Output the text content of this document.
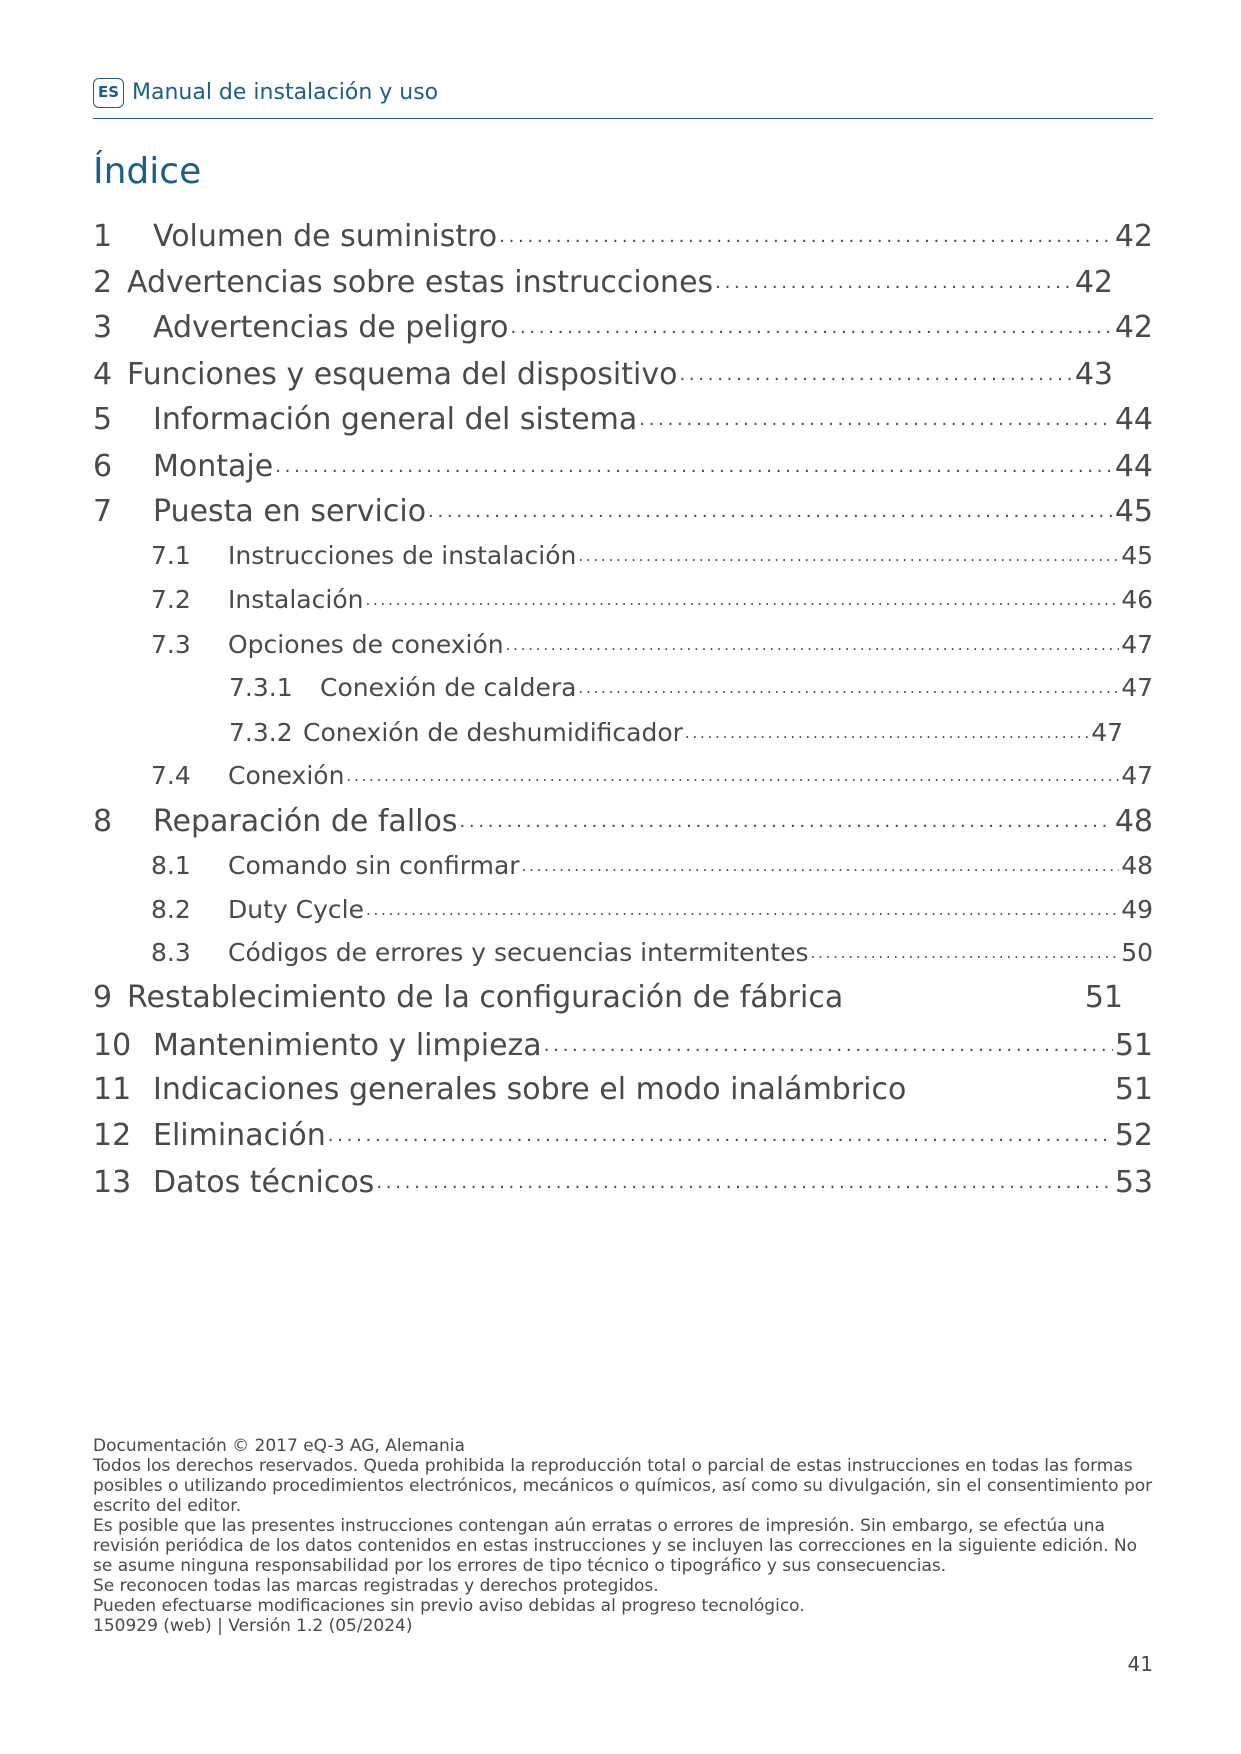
ES Manual de instalación y uso
Índice
1	Volumen de suministro . . .	42
2 Advertencias sobre estas instrucciones . . .	42
3	Advertencias de peligro . . .	42
4 Funciones y esquema del dispositivo . . .	43
5	Información general del sistema . . .	44
6	Montaje . . .	44
7	Puesta en servicio . . .	45
7.1	Instrucciones de instalación . . .	45
7.2	Instalación . . .	46
7.3	Opciones de conexión . . .	47
7.3.1	Conexión de caldera . . .	47
7.3.2 Conexión de deshumidificador . . .	47
7.4	Conexión . . .	47
8	Reparación de fallos . . .	48
8.1	Comando sin confirmar . . .	48
8.2	Duty Cycle . . .	49
8.3	Códigos de errores y secuencias intermitentes . . .	50
9 Restablecimiento de la configuración de fábrica	51
10 Mantenimiento y limpieza . . .	51
11 Indicaciones generales sobre el modo inalámbrico	51
12 Eliminación . . .	52
13 Datos técnicos . . .	53

Documentación © 2017 eQ-3 AG, Alemania

Todos los derechos reservados. Queda prohibida la reproducción total o parcial de estas instrucciones en todas las formas posibles o utilizando procedimientos electrónicos, mecánicos o químicos, así como su divulgación, sin el consentimiento por escrito del editor.

Es posible que las presentes instrucciones contengan aún erratas o errores de impresión. Sin embargo, se efectúa una revisión periódica de los datos contenidos en estas instrucciones y se incluyen las correcciones en la siguiente edición. No se asume ninguna responsabilidad por los errores de tipo técnico o tipográfico y sus consecuencias.

Se reconocen todas las marcas registradas y derechos protegidos.

Pueden efectuarse modificaciones sin previo aviso debidas al progreso tecnológico.

150929 (web) | Versión 1.2 (05/2024)

41
